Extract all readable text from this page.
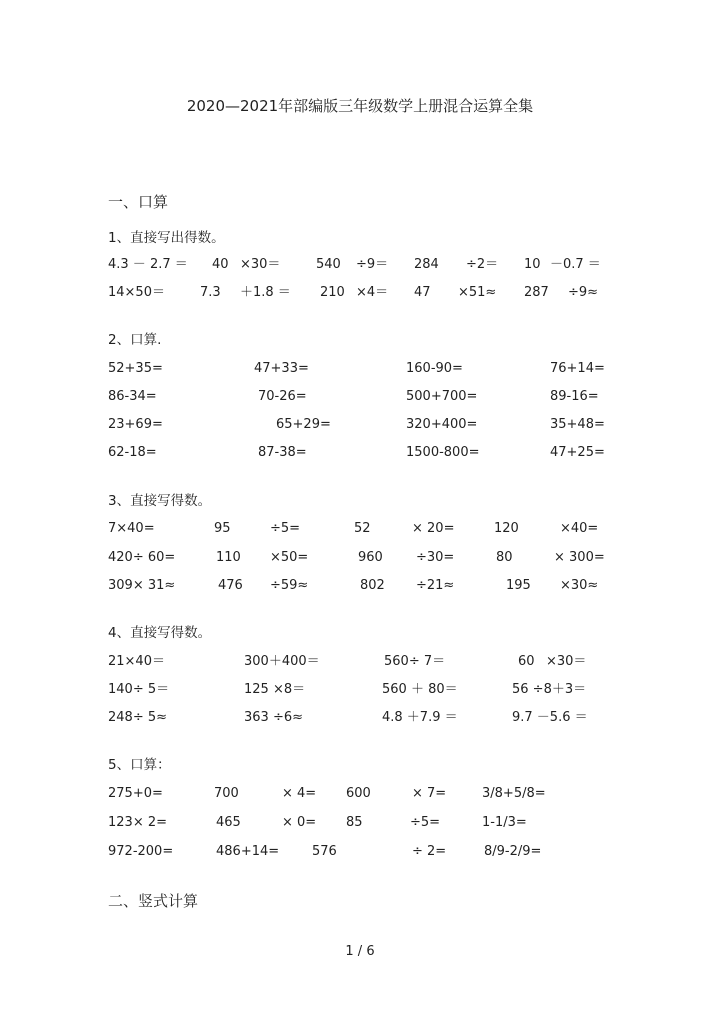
2020—2021年部编版三年级数学上册混合运算全集
一、口算
1、直接写出得数。
4.3 － 2.7 ＝ 40 ×30＝	540 ÷9＝ 284 ÷2＝ 10 －0.7 ＝
14×50＝	7.3 ＋1.8 ＝ 210 ×4＝ 47 ×51≈ 287 ÷9≈
2、口算.
52+35=	47+33=	160-90=	76+14=
86-34=	70-26=	500+700=	89-16=
23+69=	65+29=	320+400=	35+48=
62-18=	87-38=	1500-800=	47+25=
3、直接写得数。
7×40=	95	÷5=	52	× 20=	120	×40=
420÷ 60=	110 ×50=	960	÷30=	80	× 300=
309× 31≈	476 ÷59≈	802 ÷21≈	195 ×30≈
4、直接写得数。
21×40＝	300＋400＝	560÷ 7＝	60 ×30＝
140÷ 5＝	125 ×8＝	560 ＋ 80＝	56 ÷8＋3＝
248÷ 5≈	363 ÷6≈	4.8 ＋7.9 ＝	9.7 －5.6 ＝
5、口算：
275+0=	700	× 4= 600	× 7=	3/8+5/8=
123× 2=	465	× 0= 85	÷5=	1-1/3=
972-200=	486+14=	576	÷ 2=	8/9-2/9=
二、竖式计算
1 / 6
